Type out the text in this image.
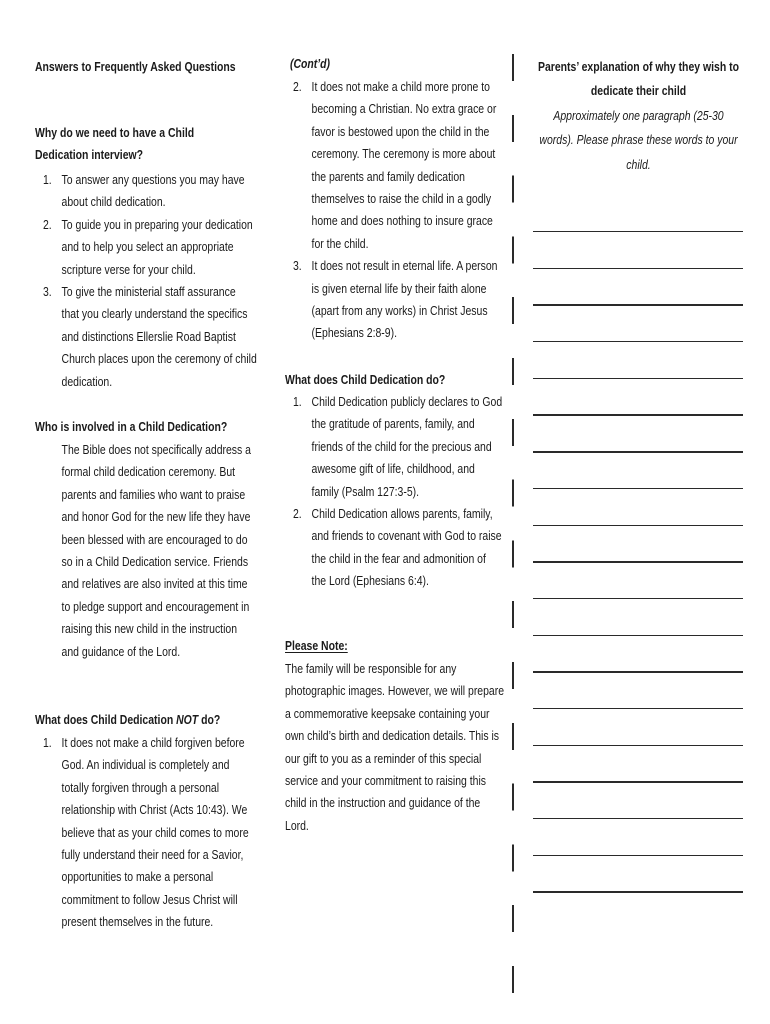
Answers to Frequently Asked Questions
Why do we need to have a Child
Dedication interview?
1. To answer any questions you may have
about child dedication.
2. To guide you in preparing your dedication
and to help you select an appropriate
scripture verse for your child.
3. To give the ministerial staff assurance
that you clearly understand the specifics
and distinctions Ellerslie Road Baptist
Church places upon the ceremony of child
dedication.
Who is involved in a Child Dedication?
The Bible does not specifically address a
formal child dedication ceremony. But
parents and families who want to praise
and honor God for the new life they have
been blessed with are encouraged to do
so in a Child Dedication service. Friends
and relatives are also invited at this time
to pledge support and encouragement in
raising this new child in the instruction
and guidance of the Lord.
What does Child Dedication NOT do?
1. It does not make a child forgiven before
God. An individual is completely and
totally forgiven through a personal
relationship with Christ (Acts 10:43). We
believe that as your child comes to more
fully understand their need for a Savior,
opportunities to make a personal
commitment to follow Jesus Christ will
present themselves in the future.
(Cont’d)
2. It does not make a child more prone to
becoming a Christian. No extra grace or
favor is bestowed upon the child in the
ceremony. The ceremony is more about
the parents and family dedication
themselves to raise the child in a godly
home and does nothing to insure grace
for the child.
3. It does not result in eternal life. A person
is given eternal life by their faith alone
(apart from any works) in Christ Jesus
(Ephesians 2:8-9).
What does Child Dedication do?
1. Child Dedication publicly declares to God
the gratitude of parents, family, and
friends of the child for the precious and
awesome gift of life, childhood, and
family (Psalm 127:3-5).
2. Child Dedication allows parents, family,
and friends to covenant with God to raise
the child in the fear and admonition of
the Lord (Ephesians 6:4).
Please Note:
The family will be responsible for any
photographic images. However, we will prepare
a commemorative keepsake containing your
own child’s birth and dedication details. This is
our gift to you as a reminder of this special
service and your commitment to raising this
child in the instruction and guidance of the
Lord.
Parents’ explanation of why they wish to
dedicate their child
Approximately one paragraph (25-30
words). Please phrase these words to your
child.
